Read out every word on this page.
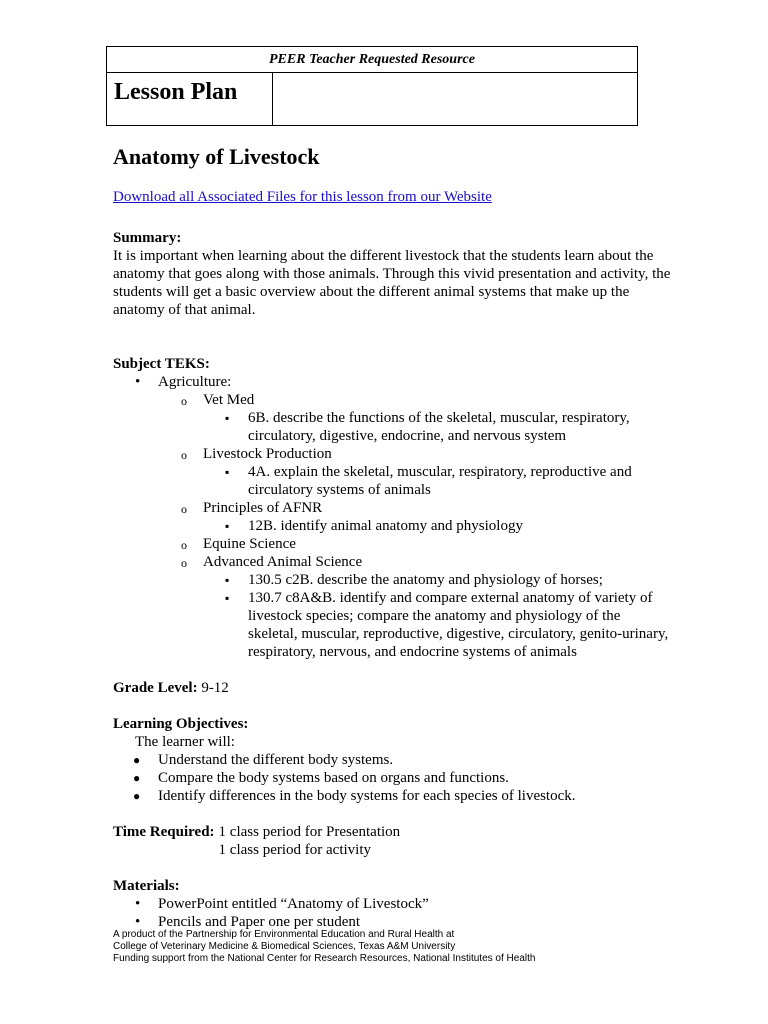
PEER Teacher Requested Resource
Lesson Plan
Anatomy of Livestock
Download all Associated Files for this lesson from our Website
Summary:

It is important when learning about the different livestock that the students learn about the anatomy that goes along with those animals. Through this vivid presentation and activity, the students will get a basic overview about the different animal systems that make up the anatomy of that animal.

Subject TEKS:
• Agriculture:
o Vet Med
▪ 6B. describe the functions of the skeletal, muscular, respiratory, circulatory, digestive, endocrine, and nervous system
o Livestock Production
▪ 4A. explain the skeletal, muscular, respiratory, reproductive and circulatory systems of animals
o Principles of AFNR
▪ 12B. identify animal anatomy and physiology
o Equine Science
o Advanced Animal Science
▪ 130.5 c2B. describe the anatomy and physiology of horses;
▪ 130.7 c8A&B. identify and compare external anatomy of variety of livestock species; compare the anatomy and physiology of the skeletal, muscular, reproductive, digestive, circulatory, genito-urinary, respiratory, nervous, and endocrine systems of animals
Grade Level: 9-12
Learning Objectives:
The learner will:
● Understand the different body systems.
● Compare the body systems based on organs and functions.
● Identify differences in the body systems for each species of livestock.
Time Required: 1 class period for Presentation
1 class period for activity
Materials:
• PowerPoint entitled “Anatomy of Livestock”
• Pencils and Paper one per student
A product of the Partnership for Environmental Education and Rural Health at
College of Veterinary Medicine & Biomedical Sciences, Texas A&M University
Funding support from the National Center for Research Resources, National Institutes of Health
